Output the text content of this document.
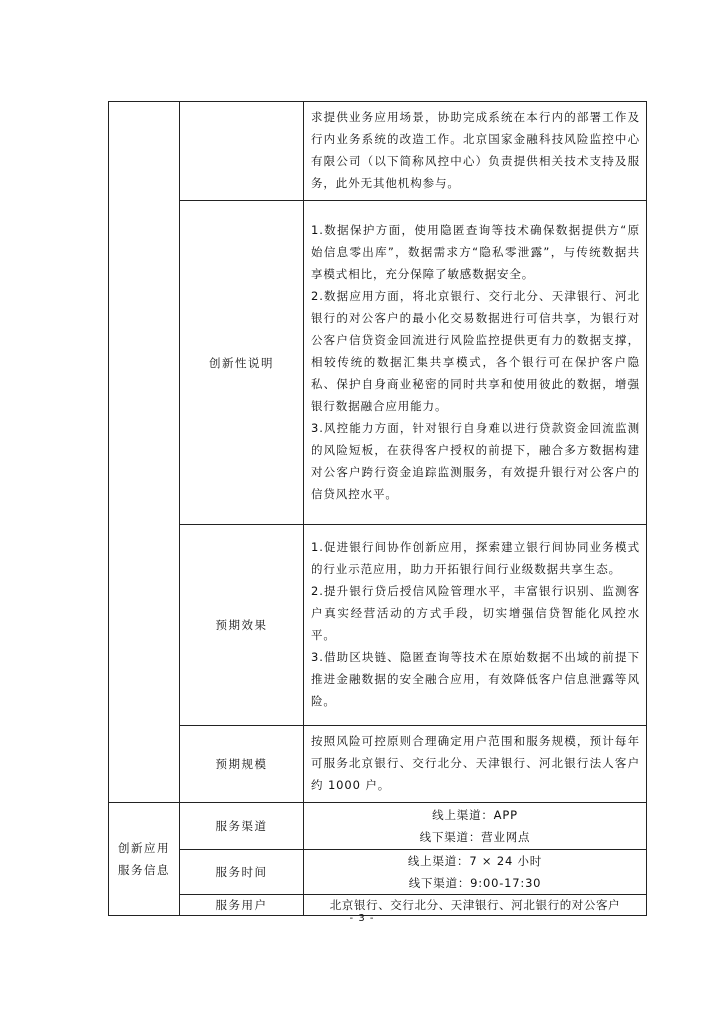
		求提供业务应用场景，协助完成系统在本行内的部署工作及行内业务系统的改造工作。北京国家金融科技风险监控中心有限公司（以下简称风控中心）负责提供相关技术支持及服务，此外无其他机构参与。

	创新性说明	1.数据保护方面，使用隐匿查询等技术确保数据提供方“原始信息零出库”，数据需求方“隐私零泄露”，与传统数据共享模式相比，充分保障了敏感数据安全。
2.数据应用方面，将北京银行、交行北分、天津银行、河北银行的对公客户的最小化交易数据进行可信共享，为银行对公客户信贷资金回流进行风险监控提供更有力的数据支撑，相较传统的数据汇集共享模式，各个银行可在保护客户隐私、保护自身商业秘密的同时共享和使用彼此的数据，增强银行数据融合应用能力。
3.风控能力方面，针对银行自身难以进行贷款资金回流监测的风险短板，在获得客户授权的前提下，融合多方数据构建对公客户跨行资金追踪监测服务，有效提升银行对公客户的信贷风控水平。

	预期效果	1.促进银行间协作创新应用，探索建立银行间协同业务模式的行业示范应用，助力开拓银行间行业级数据共享生态。
2.提升银行贷后授信风险管理水平，丰富银行识别、监测客户真实经营活动的方式手段，切实增强信贷智能化风控水平。
3.借助区块链、隐匿查询等技术在原始数据不出域的前提下推进金融数据的安全融合应用，有效降低客户信息泄露等风险。

	预期规模	按照风险可控原则合理确定用户范围和服务规模，预计每年可服务北京银行、交行北分、天津银行、河北银行法人客户约 1000 户。

创新应用
服务信息	服务渠道	线上渠道：APP
线下渠道：营业网点

	服务时间	线上渠道：7 × 24 小时
线下渠道：9:00-17:30

	服务用户	北京银行、交行北分、天津银行、河北银行的对公客户
- 3 -
